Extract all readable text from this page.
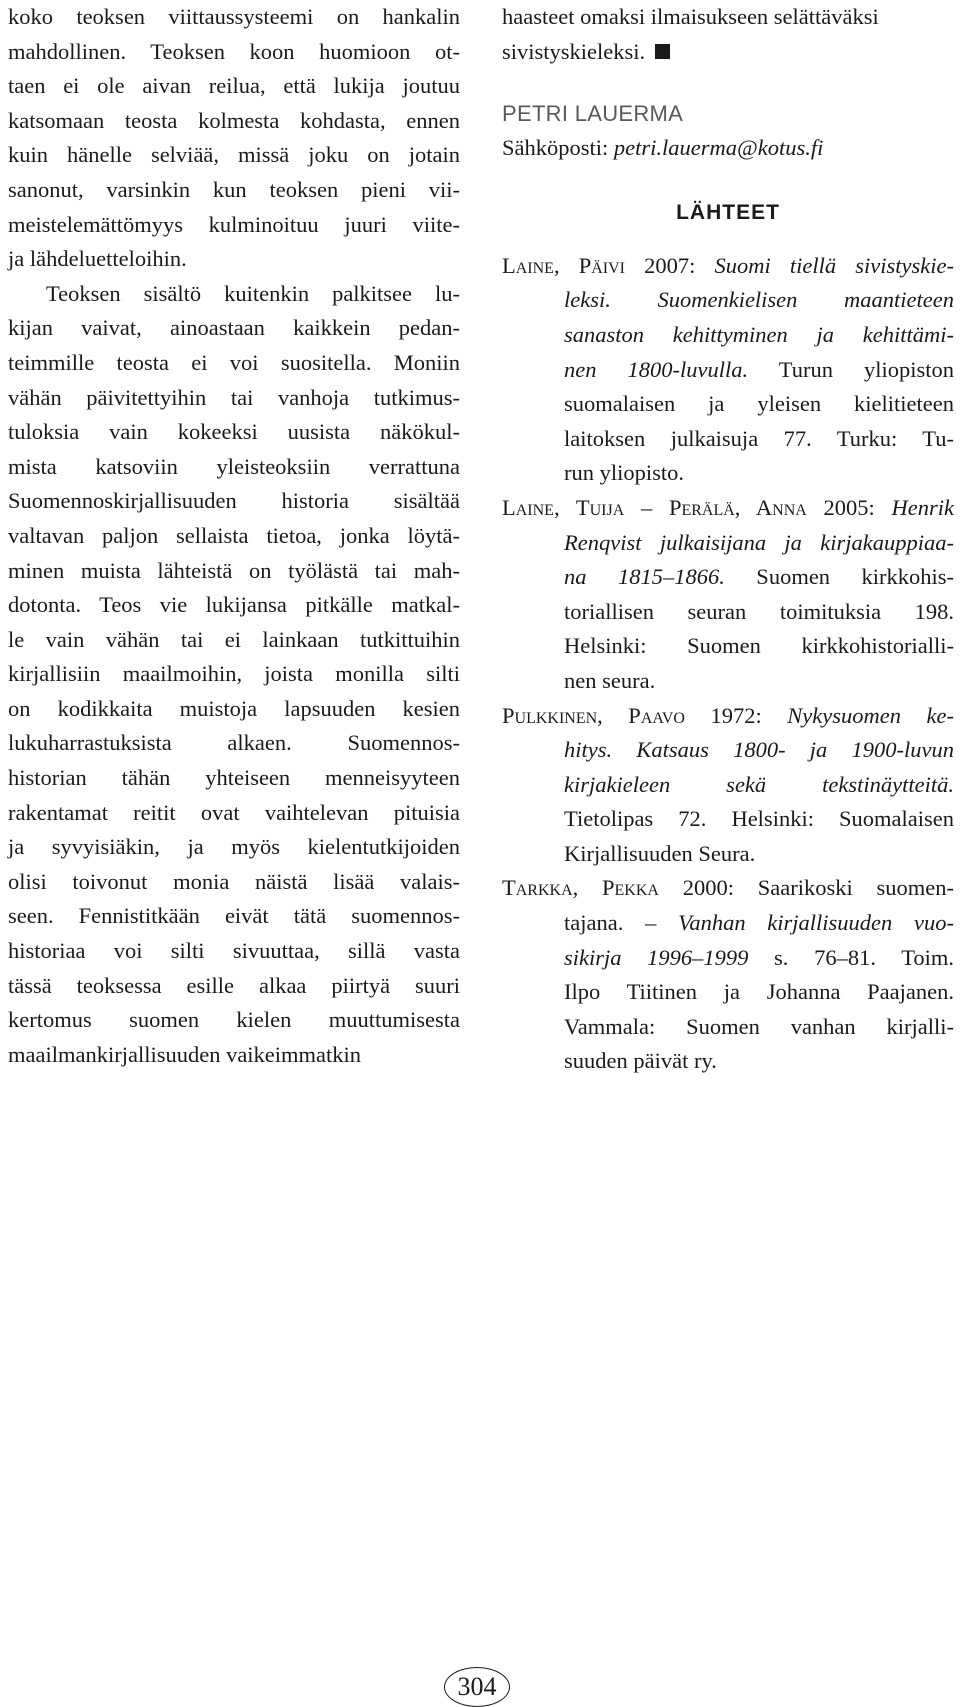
koko teoksen viittaussysteemi on hankalin
mahdollinen. Teoksen koon huomioon ot-
taen ei ole aivan reilua, että lukija joutuu
katsomaan teosta kolmesta kohdasta, ennen
kuin hänelle selviää, missä joku on jotain
sanonut, varsinkin kun teoksen pieni vii-
meistelemättömyys kulminoituu juuri viite-
ja lähdeluetteloihin.
Teoksen sisältö kuitenkin palkitsee lu-
kijan vaivat, ainoastaan kaikkein pedan-
teimmille teosta ei voi suositella. Moniin
vähän päivitettyihin tai vanhoja tutkimus-
tuloksia vain kokeeksi uusista näkökul-
mista katsoviin yleisteoksiin verrattuna
Suomennoskirjallisuuden historia sisältää
valtavan paljon sellaista tietoa, jonka löytä-
minen muista lähteistä on työlästä tai mah-
dotonta. Teos vie lukijansa pitkälle matkal-
le vain vähän tai ei lainkaan tutkittuihin
kirjallisiin maailmoihin, joista monilla silti
on kodikkaita muistoja lapsuuden kesien
lukuharrastuksista alkaen. Suomennos-
historian tähän yhteiseen menneisyyteen
rakentamat reitit ovat vaihtelevan pituisia
ja syvyisiäkin, ja myös kielentutkijoiden
olisi toivonut monia näistä lisää valais-
seen. Fennistitkään eivät tätä suomennos-
historiaa voi silti sivuuttaa, sillä vasta
tässä teoksessa esille alkaa piirtyä suuri
kertomus suomen kielen muuttumisesta
maailmankirjallisuuden vaikeimmatkin
haasteet omaksi ilmaisukseen selättäväksi
sivistyskieleksi.
PETRI LAUERMA
Sähköposti: petri.lauerma@kotus.fi
LÄHTEET
Laine, Päivi 2007: Suomi tiellä sivistyskie-
leksi. Suomenkielisen maantieteen
sanaston kehittyminen ja kehittämi-
nen 1800-luvulla. Turun yliopiston
suomalaisen ja yleisen kielitieteen
laitoksen julkaisuja 77. Turku: Tu-
run yliopisto.
Laine, Tuija – Perälä, Anna 2005: Henrik
Renqvist julkaisijana ja kirjakauppiaa-
na 1815–1866. Suomen kirkkohis-
toriallisen seuran toimituksia 198.
Helsinki: Suomen kirkkohistorialli-
nen seura.
Pulkkinen, Paavo 1972: Nykysuomen ke-
hitys. Katsaus 1800- ja 1900-luvun
kirjakieleen sekä tekstinäytteitä.
Tietolipas 72. Helsinki: Suomalaisen
Kirjallisuuden Seura.
Tarkka, Pekka 2000: Saarikoski suomen-
tajana. – Vanhan kirjallisuuden vuo-
sikirja 1996–1999 s. 76–81. Toim.
Ilpo Tiitinen ja Johanna Paajanen.
Vammala: Suomen vanhan kirjalli-
suuden päivät ry.
304
